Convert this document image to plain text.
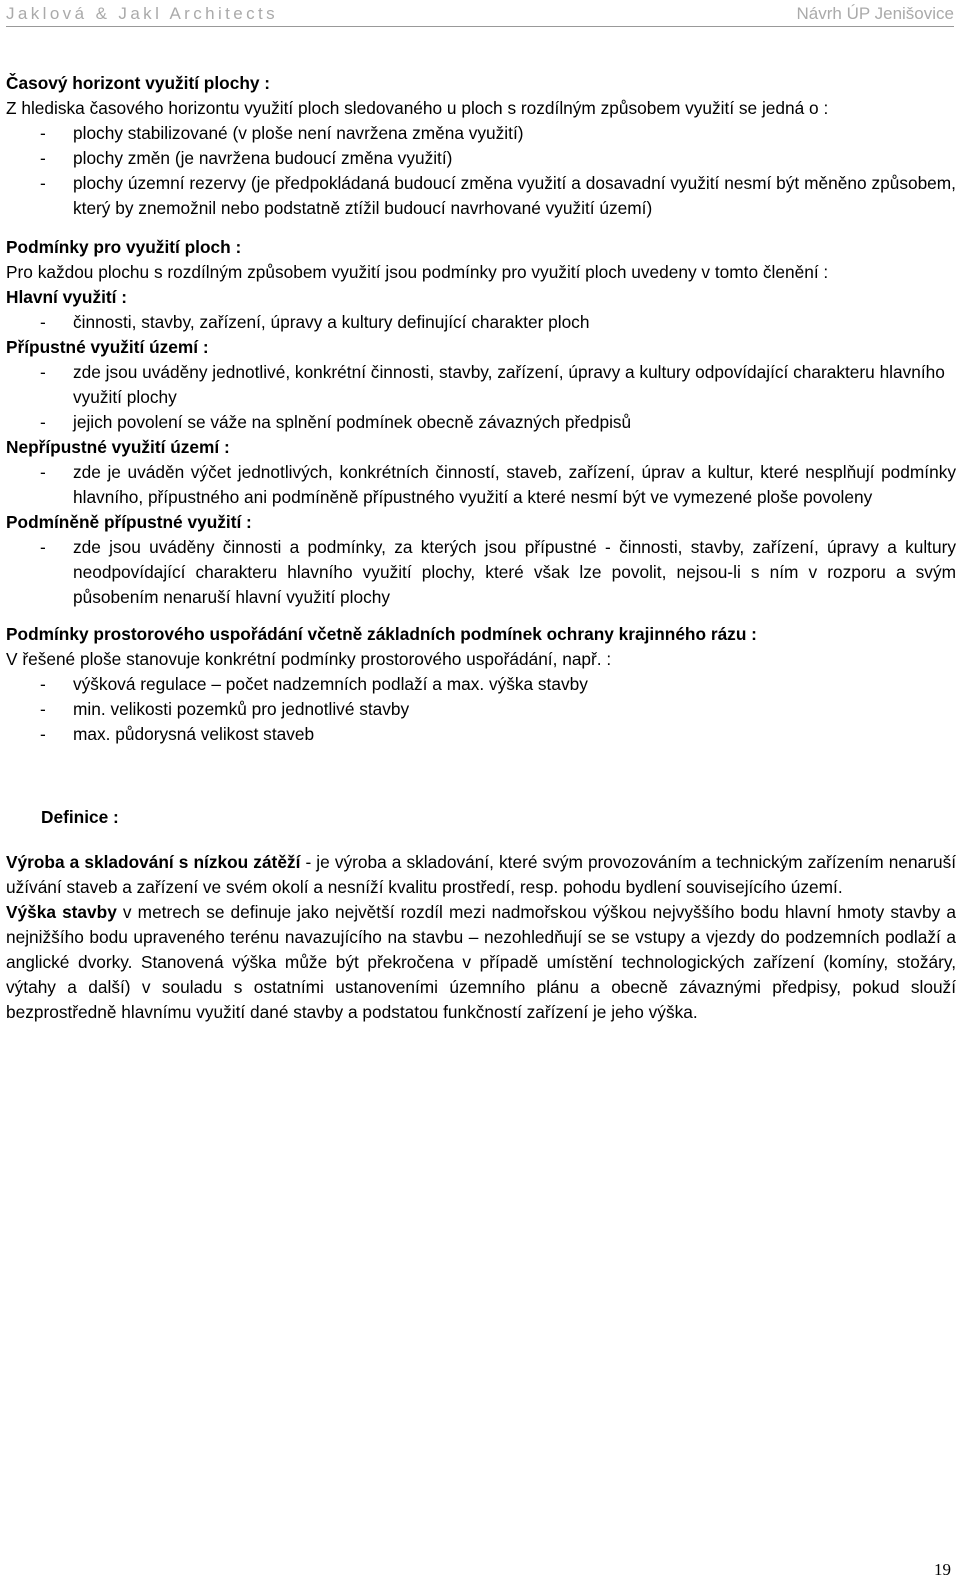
Jaklová & Jakl Architects	Návrh ÚP Jenišovice

Časový horizont využití plochy :

Z hlediska časového horizontu využití ploch sledovaného u ploch s rozdílným způsobem využití se jedná o :

- plochy stabilizované (v ploše není navržena změna využití)

- plochy změn (je navržena budoucí změna využití)

- plochy územní rezervy (je předpokládaná budoucí změna využití a dosavadní využití nesmí být měněno způsobem, který by znemožnil nebo podstatně ztížil budoucí navrhované využití území)

Podmínky pro využití ploch :

Pro každou plochu s rozdílným způsobem využití jsou podmínky pro využití ploch uvedeny v tomto členění :

Hlavní využití :

- činnosti, stavby, zařízení, úpravy a kultury definující charakter ploch

Přípustné využití území :

- zde jsou uváděny jednotlivé, konkrétní činnosti, stavby, zařízení, úpravy a kultury odpovídající charakteru hlavního využití plochy

- jejich povolení se váže na splnění podmínek obecně závazných předpisů

Nepřípustné využití území :

- zde je uváděn výčet jednotlivých, konkrétních činností, staveb, zařízení, úprav a kultur, které nesplňují podmínky hlavního, přípustného ani podmíněně přípustného využití a které nesmí být ve vymezené ploše povoleny

Podmíněně přípustné využití :

- zde jsou uváděny činnosti a podmínky, za kterých jsou přípustné - činnosti, stavby, zařízení, úpravy a kultury neodpovídající charakteru hlavního využití plochy, které však lze povolit, nejsou-li s ním v rozporu a svým působením nenaruší hlavní využití plochy

Podmínky prostorového uspořádání včetně základních podmínek ochrany krajinného rázu :

V řešené ploše stanovuje konkrétní podmínky prostorového uspořádání, např. :

- výšková regulace – počet nadzemních podlaží a max. výška stavby

- min. velikosti pozemků pro jednotlivé stavby

- max. půdorysná velikost staveb

Definice :

Výroba a skladování s nízkou zátěží - je výroba a skladování, které svým provozováním a technickým zařízením nenaruší užívání staveb a zařízení ve svém okolí a nesníží kvalitu prostředí, resp. pohodu bydlení souvisejícího území.

Výška stavby v metrech se definuje jako největší rozdíl mezi nadmořskou výškou nejvyššího bodu hlavní hmoty stavby a nejnižšího bodu upraveného terénu navazujícího na stavbu – nezohledňují se se vstupy a vjezdy do podzemních podlaží a anglické dvorky. Stanovená výška může být překročena v případě umístění technologických zařízení (komíny, stožáry, výtahy a další) v souladu s ostatními ustanoveními územního plánu a obecně závaznými předpisy, pokud slouží bezprostředně hlavnímu využití dané stavby a podstatou funkčností zařízení je jeho výška.

19
